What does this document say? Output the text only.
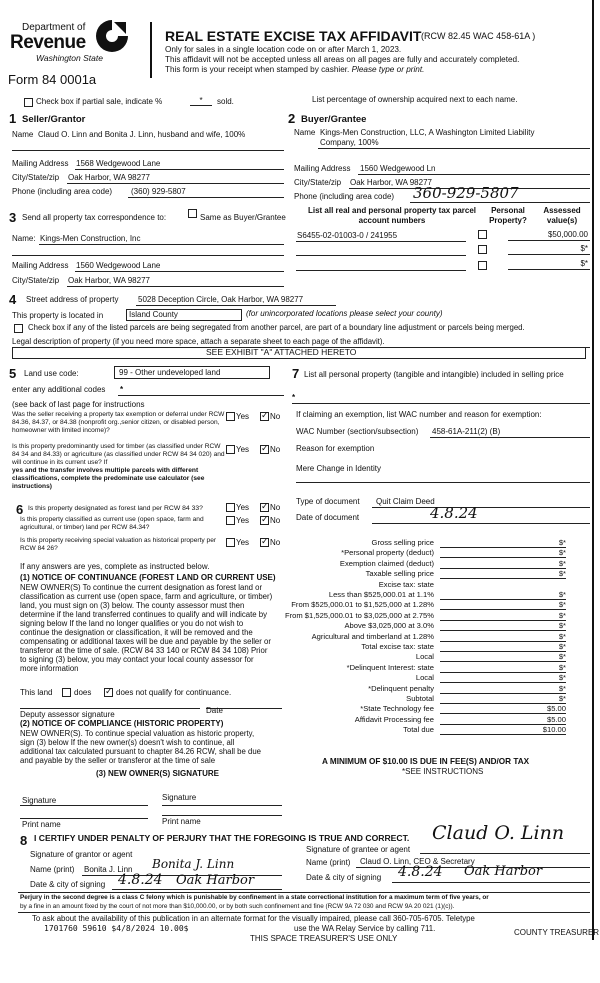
Department of
Revenue
Washington State
Form 84 0001a
REAL ESTATE EXCISE TAX AFFIDAVIT (RCW 82.45 WAC 458-61A )
Only for sales in a single location code on or after March 1, 2023.
This affidavit will not be accepted unless all areas on all pages are fully and accurately completed.
This form is your receipt when stamped by cashier. Please type or print.
Check box if partial sale, indicate %	*	sold.	List percentage of ownership acquired next to each name.
1 Seller/Grantor
Name Claud O. Linn and Bonita J. Linn, husband and wife, 100%
Mailing Address 1568 Wedgewood Lane
City/State/zip Oak Harbor, WA 98277
Phone (including area code) (360) 929-5807
2 Buyer/Grantee
Name Kings-Men Construction, LLC, A Washington Limited Liability
Company, 100%
Mailing Address 1560 Wedgewood Ln
City/State/zip Oak Harbor, WA 98277
Phone (including area code) 360-929-5807
3 Send all property tax correspondence to:	Same as Buyer/Grantee
Name: Kings-Men Construction, Inc
Mailing Address 1560 Wedgewood Lane
City/State/zip Oak Harbor, WA 98277
List all real and personal property tax parcel account numbers
Personal Property?
Assessed value(s)
S6455-02-01003-0 / 241955	$50,000.00
$*
$*
4 Street address of property 5028 Deception Circle, Oak Harbor, WA 98277
This property is located in	Island County	(for unincorporated locations please select your county)
Check box if any of the listed parcels are being segregated from another parcel, are part of a boundary line adjustment or parcels being merged.
Legal description of property (if you need more space, attach a separate sheet to each page of the affidavit).
SEE EXHIBIT "A" ATTACHED HERETO
5 Land use code:	99 - Other undeveloped land
enter any additional codes *
(see back of last page for instructions
Was the seller receiving a property tax exemption or deferral under RCW 84.36, 84.37, or 84.38 (nonprofit org.,senior citizen, or disabled person, homeowner with limited income)?
Yes ✓ No
Is this property predominantly used for timber (as classified under RCW 84 34 and 84.33) or agriculture (as classified under RCW 84 34 020) and will continue in its current use? If
yes and the transfer involves multiple parcels with different classifications, complete the predominate use calculator (see instructions)
Yes ✓ No
6 Is this property designated as forest land per RCW 84 33?	Yes ✓ No
Is this property classified as current use (open space, farm and agricultural, or timber) land per RCW 84.34?
Yes ✓ No
Is this property receiving special valuation as historical property per RCW 84 26?
Yes ✓ No
If any answers are yes, complete as instructed below.
(1) NOTICE OF CONTINUANCE (FOREST LAND OR CURRENT USE)
NEW OWNER(S) To continue the current designation as forest land or
classification as current use (open space, farm and agriculture, or timber)
land, you must sign on (3) below. The county assessor must then
determine if the land transferred continues to qualify and will indicate by
signing below If the land no longer qualifies or you do not wish to
continue the designation or classification, it will be removed and the
compensating or additional taxes will be due and payable by the seller or
transferor at the time of sale. (RCW 84 33 140 or RCW 84 34 108) Prior
to signing (3) below, you may contact your local county assessor for
more information
This land	does ✓ does not qualify for continuance.
Deputy assessor signature	Date
(2) NOTICE OF COMPLIANCE (HISTORIC PROPERTY)
NEW OWNER(S). To continue special valuation as historic property,
sign (3) below If the new owner(s) doesn't wish to continue, all
additional tax calculated pursuant to chapter 84.26 RCW, shall be due
and payable by the seller or transferor at the time of sale
(3) NEW OWNER(S) SIGNATURE
Signature
Signature
Print name
Print name
7 List all personal property (tangible and intangible) included in selling price
*
If claiming an exemption, list WAC number and reason for exemption:
WAC Number (section/subsection) 458-61A-211(2) (B)
Reason for exemption
Mere Change in Identity
Type of document Quit Claim Deed
Date of document	4.8.24
Gross selling price	$*
*Personal property (deduct)	$*
Exemption claimed (deduct)	$*
Taxable selling price	$*
Excise tax: state
Less than $525,000.01 at 1.1%	$*
From $525,000.01 to $1,525,000 at 1.28%	$*
From $1,525,000.01 to $3,025,000 at 2.75%	$*
Above $3,025,000 at 3.0%	$*
Agricultural and timberland at 1.28%	$*
Total excise tax: state	$*
Local	$*
*Delinquent Interest: state	$*
Local	$*
*Delinquent penalty	$*
Subtotal	$*
*State Technology fee	$5.00
Affidavit Processing fee	$5.00
Total due	$10.00
A MINIMUM OF $10.00 IS DUE IN FEE(S) AND/OR TAX
*SEE INSTRUCTIONS
8 I CERTIFY UNDER PENALTY OF PERJURY THAT THE FOREGOING IS TRUE AND CORRECT.
Signature of grantor or agent
Name (print) Bonita J. Linn Bonita J. Linn
Date & city of signing 4.8.24 Oak Harbor
Claud O. Linn
Signature of grantee or agent
Name (print) Claud O. Linn, CEO & Secretary
Date & city of signing 4.8.24 Oak Harbor
Perjury in the second degree is a class C felony which is punishable by confinement in a state correctional institution for a maximum term of five years, or
by a fine in an amount fixed by the court of not more than $10,000.00, or by both such confinement and fine (RCW 9A 72 030 and RCW 9A 20 021 (1)(c)).
To ask about the availability of this publication in an alternate format for the visually impaired, please call 360-705-6705. Teletype
use the WA Relay Service by calling 711.
1701760 59610 $4/8/2024 10.00$
THIS SPACE TREASURER'S USE ONLY
COUNTY TREASURER
